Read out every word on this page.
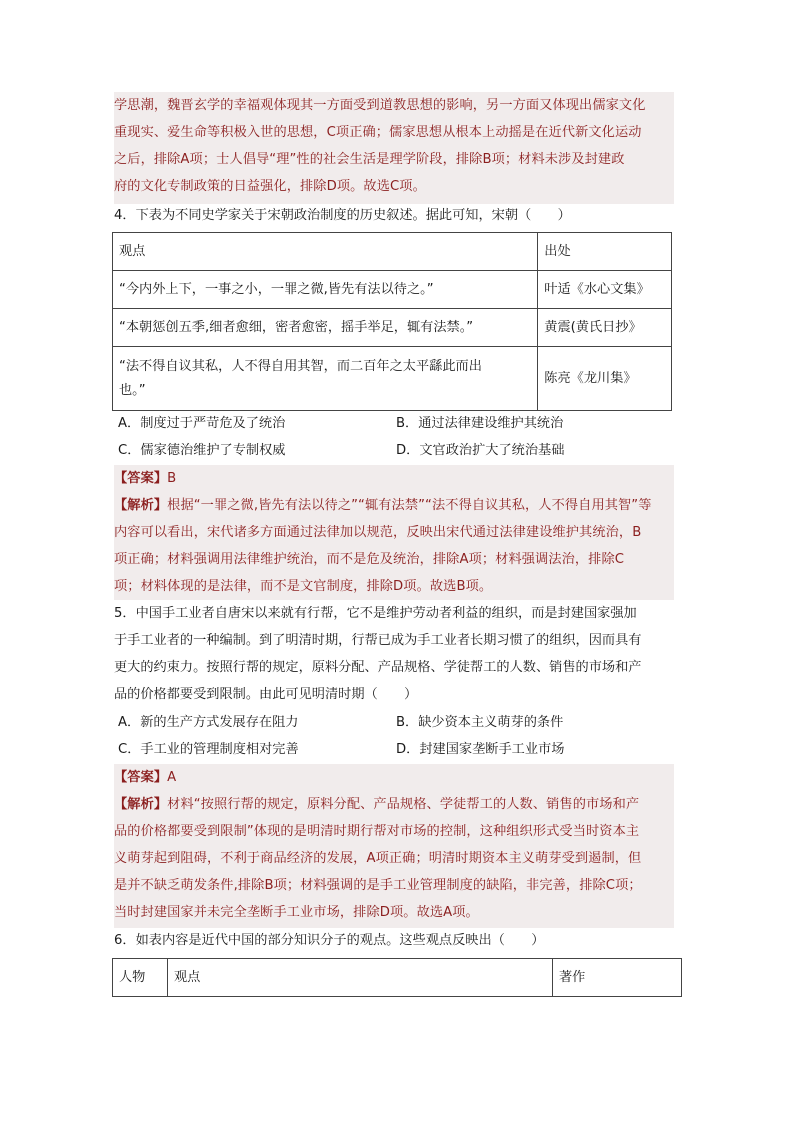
学思潮，魏晋玄学的幸福观体现其一方面受到道教思想的影响，另一方面又体现出儒家文化
重现实、爱生命等积极入世的思想，C项正确；儒家思想从根本上动摇是在近代新文化运动
之后，排除A项；士人倡导“理”性的社会生活是理学阶段，排除B项；材料未涉及封建政
府的文化专制政策的日益强化，排除D项。故选C项。
4．下表为不同史学家关于宋朝政治制度的历史叙述。据此可知，宋朝（　　）
观点	出处
“今内外上下，一事之小，一罪之微,皆先有法以待之。”	叶适《水心文集》
“本朝惩创五季,细者愈细，密者愈密，摇手举足，辄有法禁。”	黄震(黄氏日抄》

“法不得自议其私，人不得自用其智，而二百年之太平繇此而出
也。”	陈亮《龙川集》
A．制度过于严苛危及了统治	B．通过法律建设维护其统治
C．儒家德治维护了专制权威	D．文官政治扩大了统治基础
【答案】B
【解析】根据“一罪之微,皆先有法以待之”“辄有法禁”“法不得自议其私，人不得自用其智”等
内容可以看出，宋代诸多方面通过法律加以规范，反映出宋代通过法律建设维护其统治，B
项正确；材料强调用法律维护统治，而不是危及统治，排除A项；材料强调法治，排除C
项；材料体现的是法律，而不是文官制度，排除D项。故选B项。
5．中国手工业者自唐宋以来就有行帮，它不是维护劳动者利益的组织，而是封建国家强加
于手工业者的一种编制。到了明清时期，行帮已成为手工业者长期习惯了的组织，因而具有
更大的约束力。按照行帮的规定，原料分配、产品规格、学徒帮工的人数、销售的市场和产
品的价格都要受到限制。由此可见明清时期（　　）
A．新的生产方式发展存在阻力	B．缺少资本主义萌芽的条件
C．手工业的管理制度相对完善	D．封建国家垄断手工业市场
【答案】A
【解析】材料“按照行帮的规定，原料分配、产品规格、学徒帮工的人数、销售的市场和产
品的价格都要受到限制”体现的是明清时期行帮对市场的控制，这种组织形式受当时资本主
义萌芽起到阻碍，不利于商品经济的发展，A项正确；明清时期资本主义萌芽受到遏制，但
是并不缺乏萌发条件,排除B项；材料强调的是手工业管理制度的缺陷，非完善，排除C项；
当时封建国家并未完全垄断手工业市场，排除D项。故选A项。
6．如表内容是近代中国的部分知识分子的观点。这些观点反映出（　　）
人物	观点	著作
